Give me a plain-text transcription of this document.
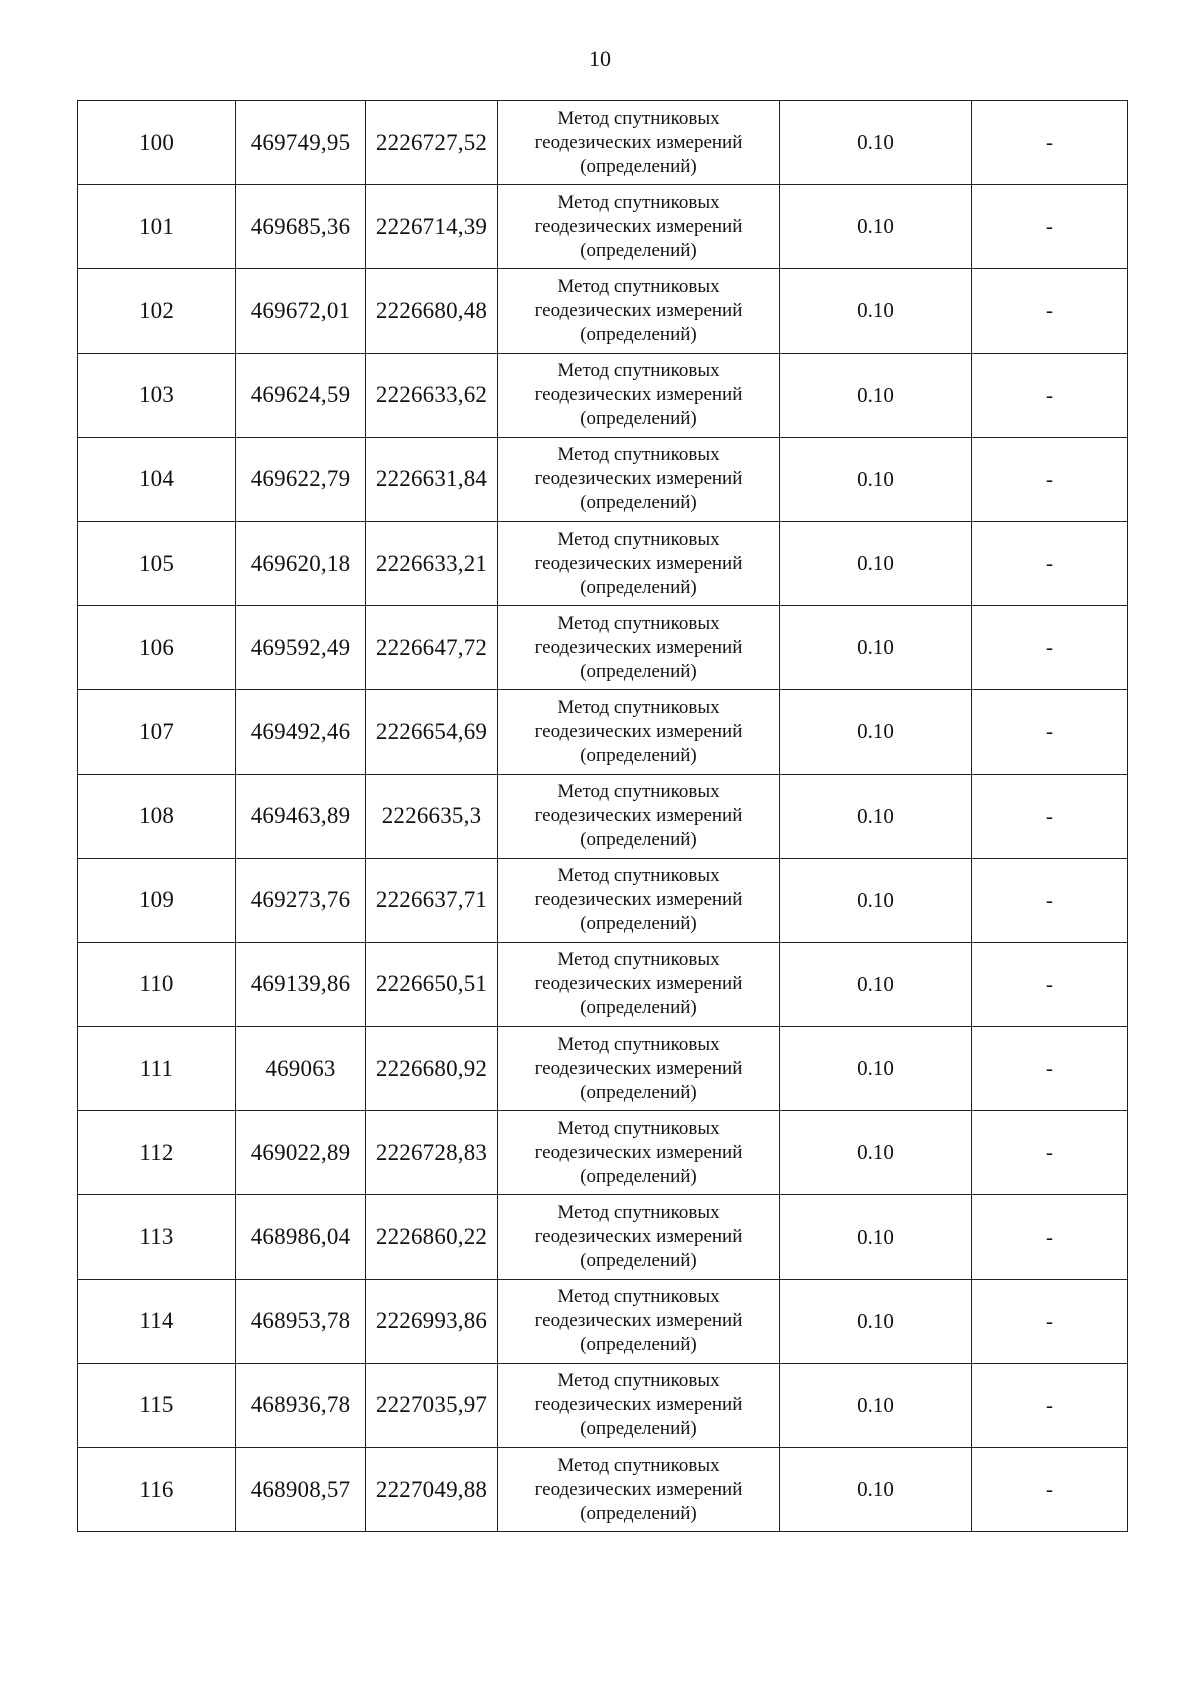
10
100	469749,95	2226727,52	Метод спутниковых
геодезических измерений
(определений)	0.10	-
101	469685,36	2226714,39	Метод спутниковых
геодезических измерений
(определений)	0.10	-
102	469672,01	2226680,48	Метод спутниковых
геодезических измерений
(определений)	0.10	-
103	469624,59	2226633,62	Метод спутниковых
геодезических измерений
(определений)	0.10	-
104	469622,79	2226631,84	Метод спутниковых
геодезических измерений
(определений)	0.10	-
105	469620,18	2226633,21	Метод спутниковых
геодезических измерений
(определений)	0.10	-
106	469592,49	2226647,72	Метод спутниковых
геодезических измерений
(определений)	0.10	-
107	469492,46	2226654,69	Метод спутниковых
геодезических измерений
(определений)	0.10	-
108	469463,89	2226635,3	Метод спутниковых
геодезических измерений
(определений)	0.10	-
109	469273,76	2226637,71	Метод спутниковых
геодезических измерений
(определений)	0.10	-
110	469139,86	2226650,51	Метод спутниковых
геодезических измерений
(определений)	0.10	-
111	469063	2226680,92	Метод спутниковых
геодезических измерений
(определений)	0.10	-
112	469022,89	2226728,83	Метод спутниковых
геодезических измерений
(определений)	0.10	-
113	468986,04	2226860,22	Метод спутниковых
геодезических измерений
(определений)	0.10	-
114	468953,78	2226993,86	Метод спутниковых
геодезических измерений
(определений)	0.10	-
115	468936,78	2227035,97	Метод спутниковых
геодезических измерений
(определений)	0.10	-
116	468908,57	2227049,88	Метод спутниковых
геодезических измерений
(определений)	0.10	-
